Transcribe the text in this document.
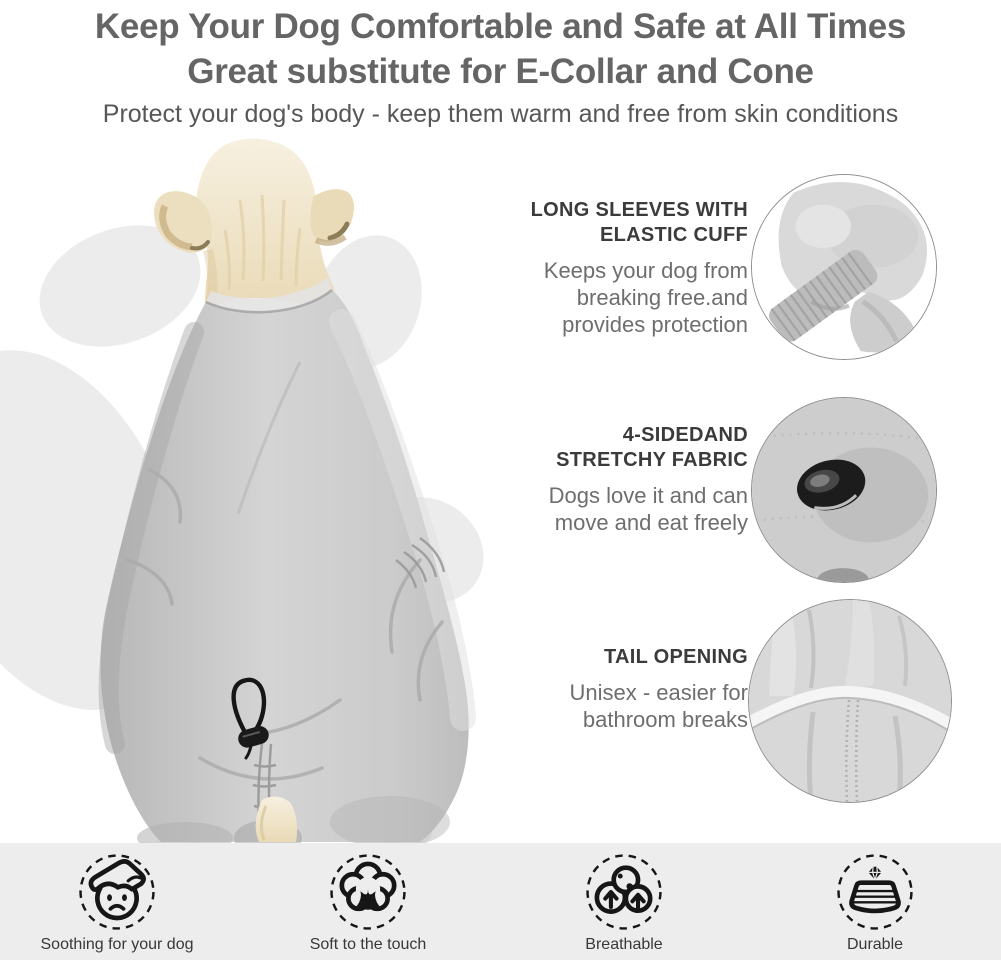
Keep Your Dog Comfortable and Safe at All Times
Great substitute for E-Collar and Cone
Protect your dog's body - keep them warm and free from skin conditions
LONG SLEEVES WITH
ELASTIC CUFF
Keeps your dog from
breaking free.and
provides protection
4-SIDEDAND
STRETCHY FABRIC
Dogs love it and can
move and eat freely
TAIL OPENING
Unisex - easier for
bathroom breaks
Soothing for your dog	Soft to the touch	Breathable	Durable
